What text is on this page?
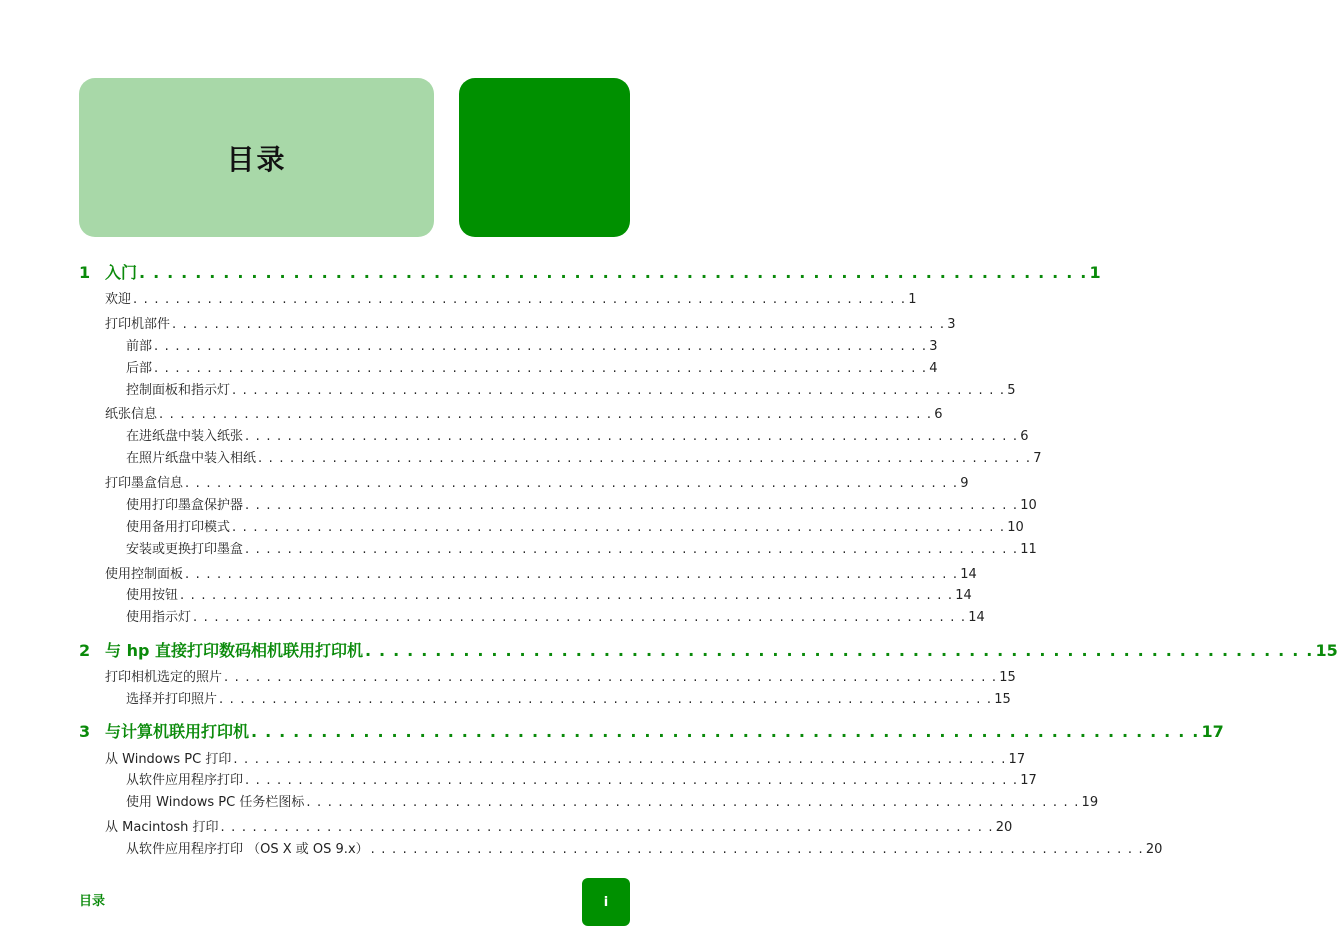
目录
1 入门 . . . . . . . . . . . . . . . . . . . . . . . . . . . . . . . . . . . . . . . . . . . . . . . . . . . . . . . . . . . . . . . . . . . . 1
欢迎 . . . . . . . . . . . . . . . . . . . . . . . . . . . . . . . . . . . . . . . . . . . . . . . . . . . . . . . . . . . . . . . . . . . . . . . . . 1
打印机部件 . . . . . . . . . . . . . . . . . . . . . . . . . . . . . . . . . . . . . . . . . . . . . . . . . . . . . . . . . . . . . . . . . . . . . . . . . 3
前部 . . . . . . . . . . . . . . . . . . . . . . . . . . . . . . . . . . . . . . . . . . . . . . . . . . . . . . . . . . . . . . . . . . . . . . . . . 3
后部 . . . . . . . . . . . . . . . . . . . . . . . . . . . . . . . . . . . . . . . . . . . . . . . . . . . . . . . . . . . . . . . . . . . . . . . . . 4
控制面板和指示灯 . . . . . . . . . . . . . . . . . . . . . . . . . . . . . . . . . . . . . . . . . . . . . . . . . . . . . . . . . . . . . . . . . . . . . . . . . 5
纸张信息 . . . . . . . . . . . . . . . . . . . . . . . . . . . . . . . . . . . . . . . . . . . . . . . . . . . . . . . . . . . . . . . . . . . . . . . . . 6
在进纸盘中装入纸张 . . . . . . . . . . . . . . . . . . . . . . . . . . . . . . . . . . . . . . . . . . . . . . . . . . . . . . . . . . . . . . . . . . . . . . . . . 6
在照片纸盘中装入相纸 . . . . . . . . . . . . . . . . . . . . . . . . . . . . . . . . . . . . . . . . . . . . . . . . . . . . . . . . . . . . . . . . . . . . . . . . . 7
打印墨盒信息 . . . . . . . . . . . . . . . . . . . . . . . . . . . . . . . . . . . . . . . . . . . . . . . . . . . . . . . . . . . . . . . . . . . . . . . . . 9
使用打印墨盒保护器 . . . . . . . . . . . . . . . . . . . . . . . . . . . . . . . . . . . . . . . . . . . . . . . . . . . . . . . . . . . . . . . . . . . . . . . . . 10
使用备用打印模式 . . . . . . . . . . . . . . . . . . . . . . . . . . . . . . . . . . . . . . . . . . . . . . . . . . . . . . . . . . . . . . . . . . . . . . . . . 10
安装或更换打印墨盒 . . . . . . . . . . . . . . . . . . . . . . . . . . . . . . . . . . . . . . . . . . . . . . . . . . . . . . . . . . . . . . . . . . . . . . . . . 11
使用控制面板 . . . . . . . . . . . . . . . . . . . . . . . . . . . . . . . . . . . . . . . . . . . . . . . . . . . . . . . . . . . . . . . . . . . . . . . . . 14
使用按钮 . . . . . . . . . . . . . . . . . . . . . . . . . . . . . . . . . . . . . . . . . . . . . . . . . . . . . . . . . . . . . . . . . . . . . . . . . 14
使用指示灯 . . . . . . . . . . . . . . . . . . . . . . . . . . . . . . . . . . . . . . . . . . . . . . . . . . . . . . . . . . . . . . . . . . . . . . . . . 14
2 与 hp 直接打印数码相机联用打印机 . . . . . . . . . . . . . . . . . . . . . . . . . . . . . . . . . . . . . . . . . . . . . . . . . . . . . . . . . . . . . . . . . . . . 15
打印相机选定的照片 . . . . . . . . . . . . . . . . . . . . . . . . . . . . . . . . . . . . . . . . . . . . . . . . . . . . . . . . . . . . . . . . . . . . . . . . . 15
选择并打印照片 . . . . . . . . . . . . . . . . . . . . . . . . . . . . . . . . . . . . . . . . . . . . . . . . . . . . . . . . . . . . . . . . . . . . . . . . . 15
3 与计算机联用打印机 . . . . . . . . . . . . . . . . . . . . . . . . . . . . . . . . . . . . . . . . . . . . . . . . . . . . . . . . . . . . . . . . . . . . 17
从 Windows PC 打印 . . . . . . . . . . . . . . . . . . . . . . . . . . . . . . . . . . . . . . . . . . . . . . . . . . . . . . . . . . . . . . . . . . . . . . . . . 17
从软件应用程序打印 . . . . . . . . . . . . . . . . . . . . . . . . . . . . . . . . . . . . . . . . . . . . . . . . . . . . . . . . . . . . . . . . . . . . . . . . . 17
使用 Windows PC 任务栏图标 . . . . . . . . . . . . . . . . . . . . . . . . . . . . . . . . . . . . . . . . . . . . . . . . . . . . . . . . . . . . . . . . . . . . . . . . . 19
从 Macintosh 打印 . . . . . . . . . . . . . . . . . . . . . . . . . . . . . . . . . . . . . . . . . . . . . . . . . . . . . . . . . . . . . . . . . . . . . . . . . 20
从软件应用程序打印 （OS X 或 OS 9.x） . . . . . . . . . . . . . . . . . . . . . . . . . . . . . . . . . . . . . . . . . . . . . . . . . . . . . . . . . . . . . . . . . . . . . . . . . 20
目录	i
